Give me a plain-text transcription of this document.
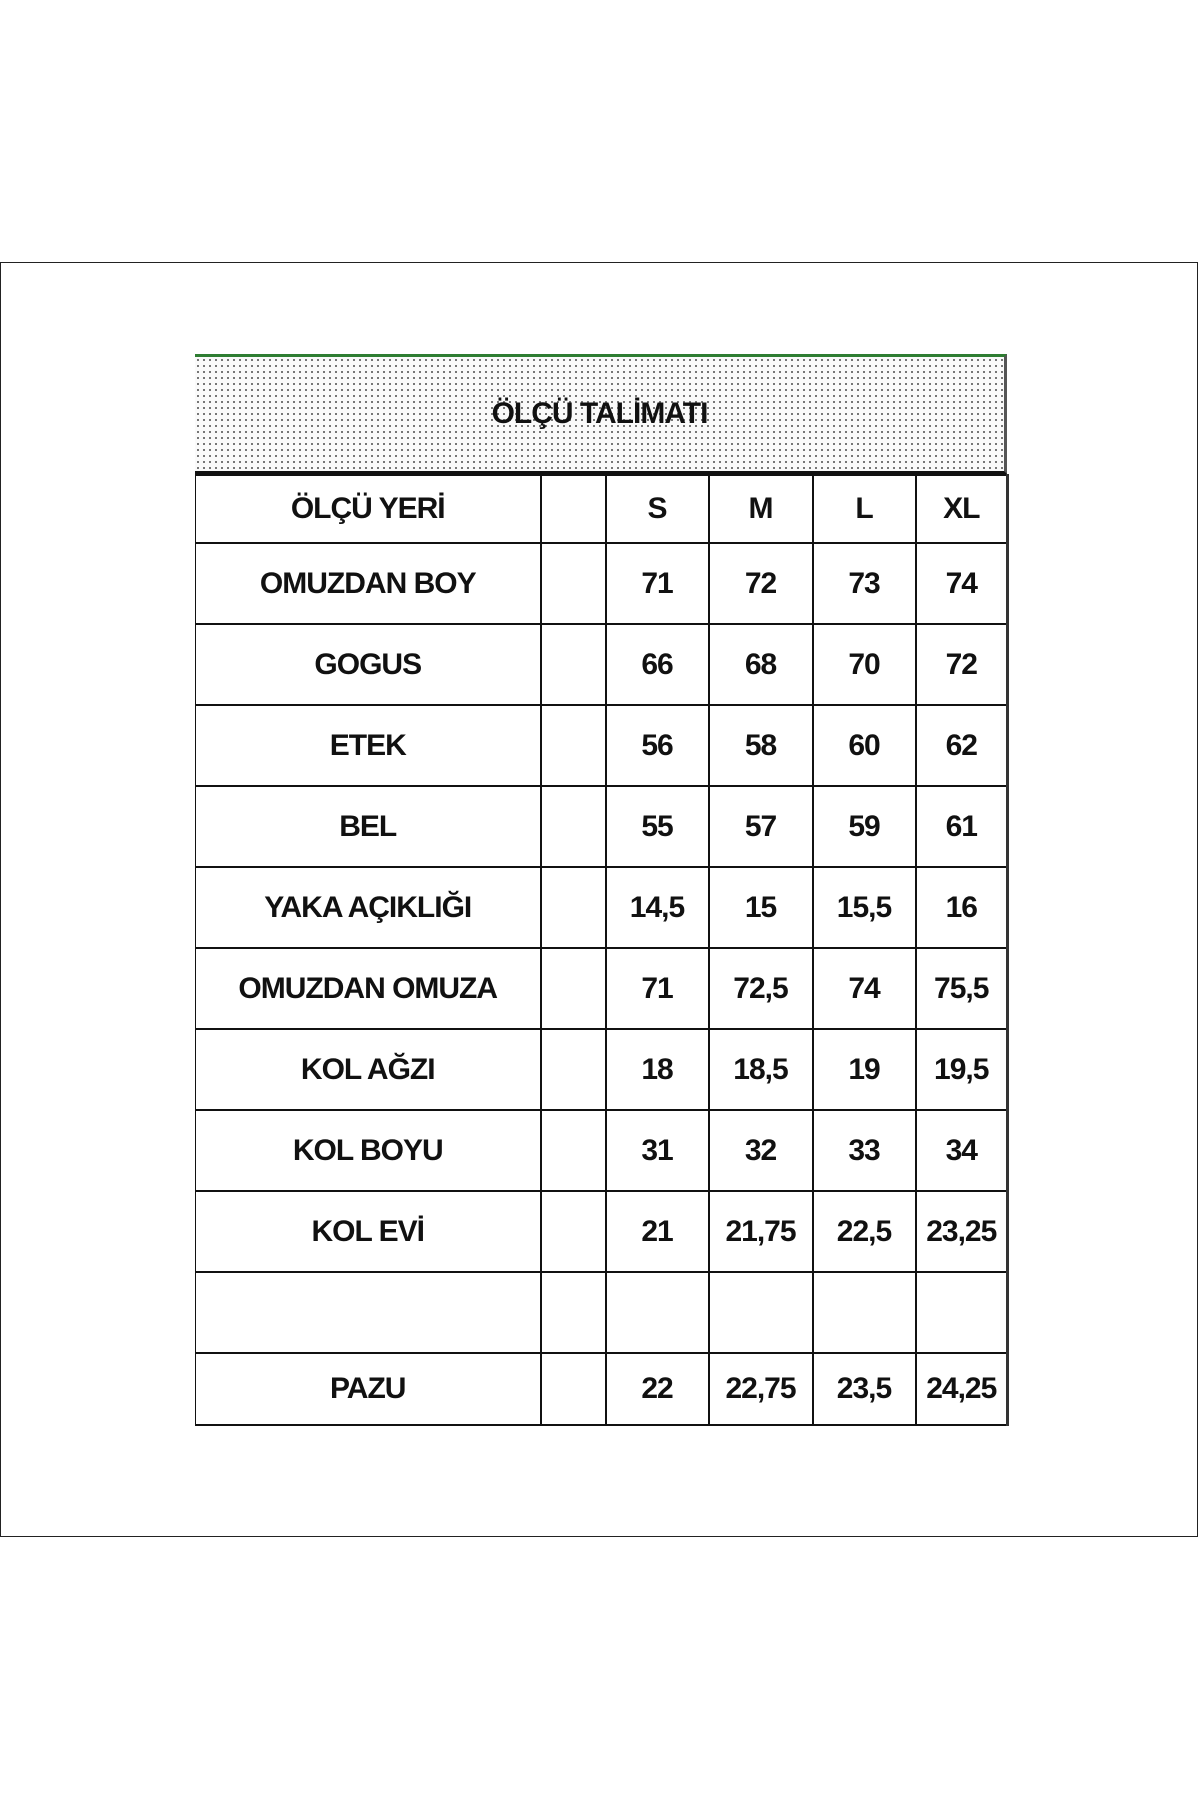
ÖLÇÜ TALİMATI
ÖLÇÜ YERİ		S	M	L	XL
OMUZDAN BOY		71	72	73	74
GOGUS		66	68	70	72
ETEK		56	58	60	62
BEL		55	57	59	61
YAKA AÇIKLIĞI		14,5	15	15,5	16
OMUZDAN OMUZA		71	72,5	74	75,5
KOL AĞZI		18	18,5	19	19,5
KOL BOYU		31	32	33	34
KOL EVİ		21	21,75	22,5	23,25

PAZU		22	22,75	23,5	24,25
